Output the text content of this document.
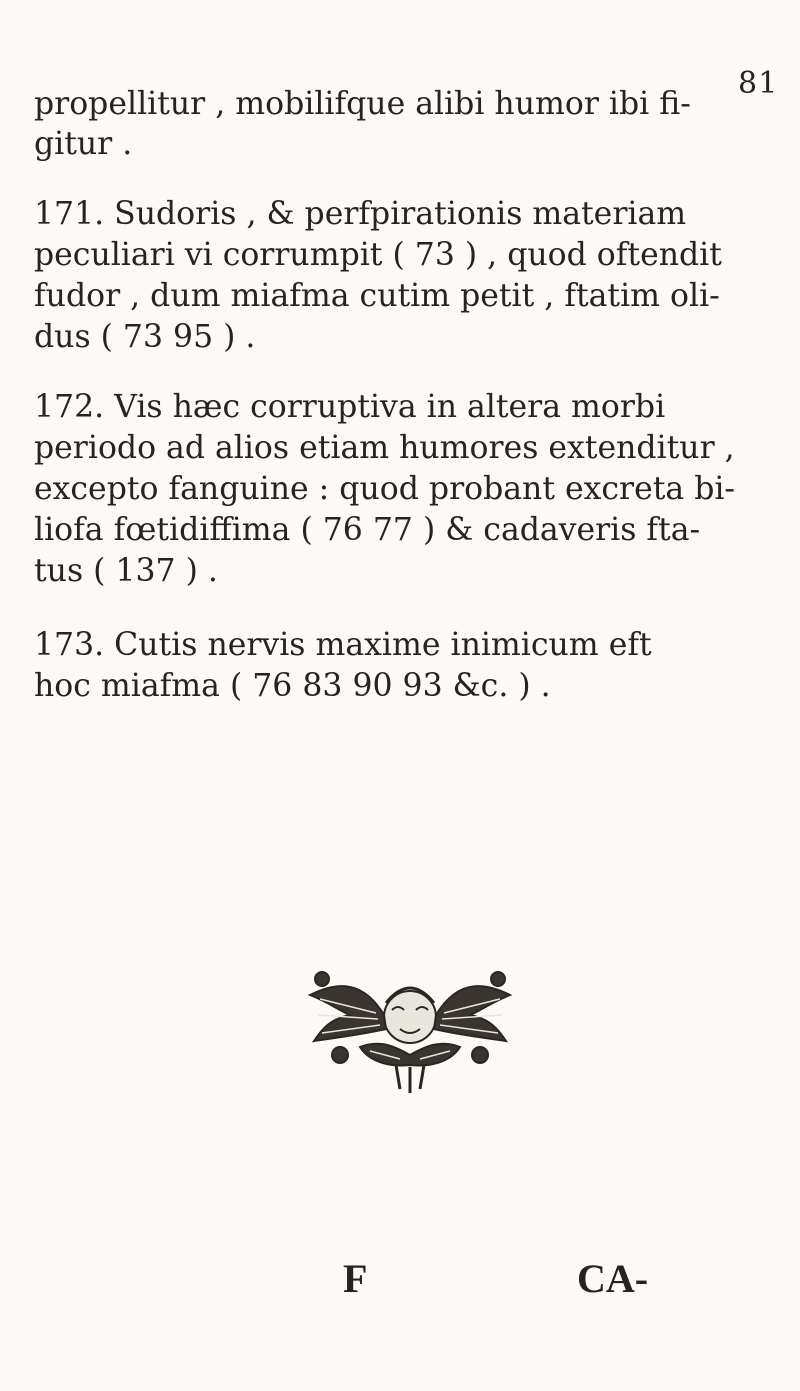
81
propellitur , mobilifque alibi humor ibi fi-
gitur .
171. Sudoris , & perfpirationis materiam
peculiari vi corrumpit ( 73 ) , quod oftendit
fudor , dum miafma cutim petit , ftatim oli-
dus ( 73 95 ) .
172. Vis hæc corruptiva in altera morbi
periodo ad alios etiam humores extenditur ,
excepto fanguine : quod probant excreta bi-
liofa fœtidiffima ( 76 77 ) & cadaveris fta-
tus ( 137 ) .
173. Cutis nervis maxime inimicum eft
hoc miafma ( 76 83 90 93 &c. ) .
F	CA-
